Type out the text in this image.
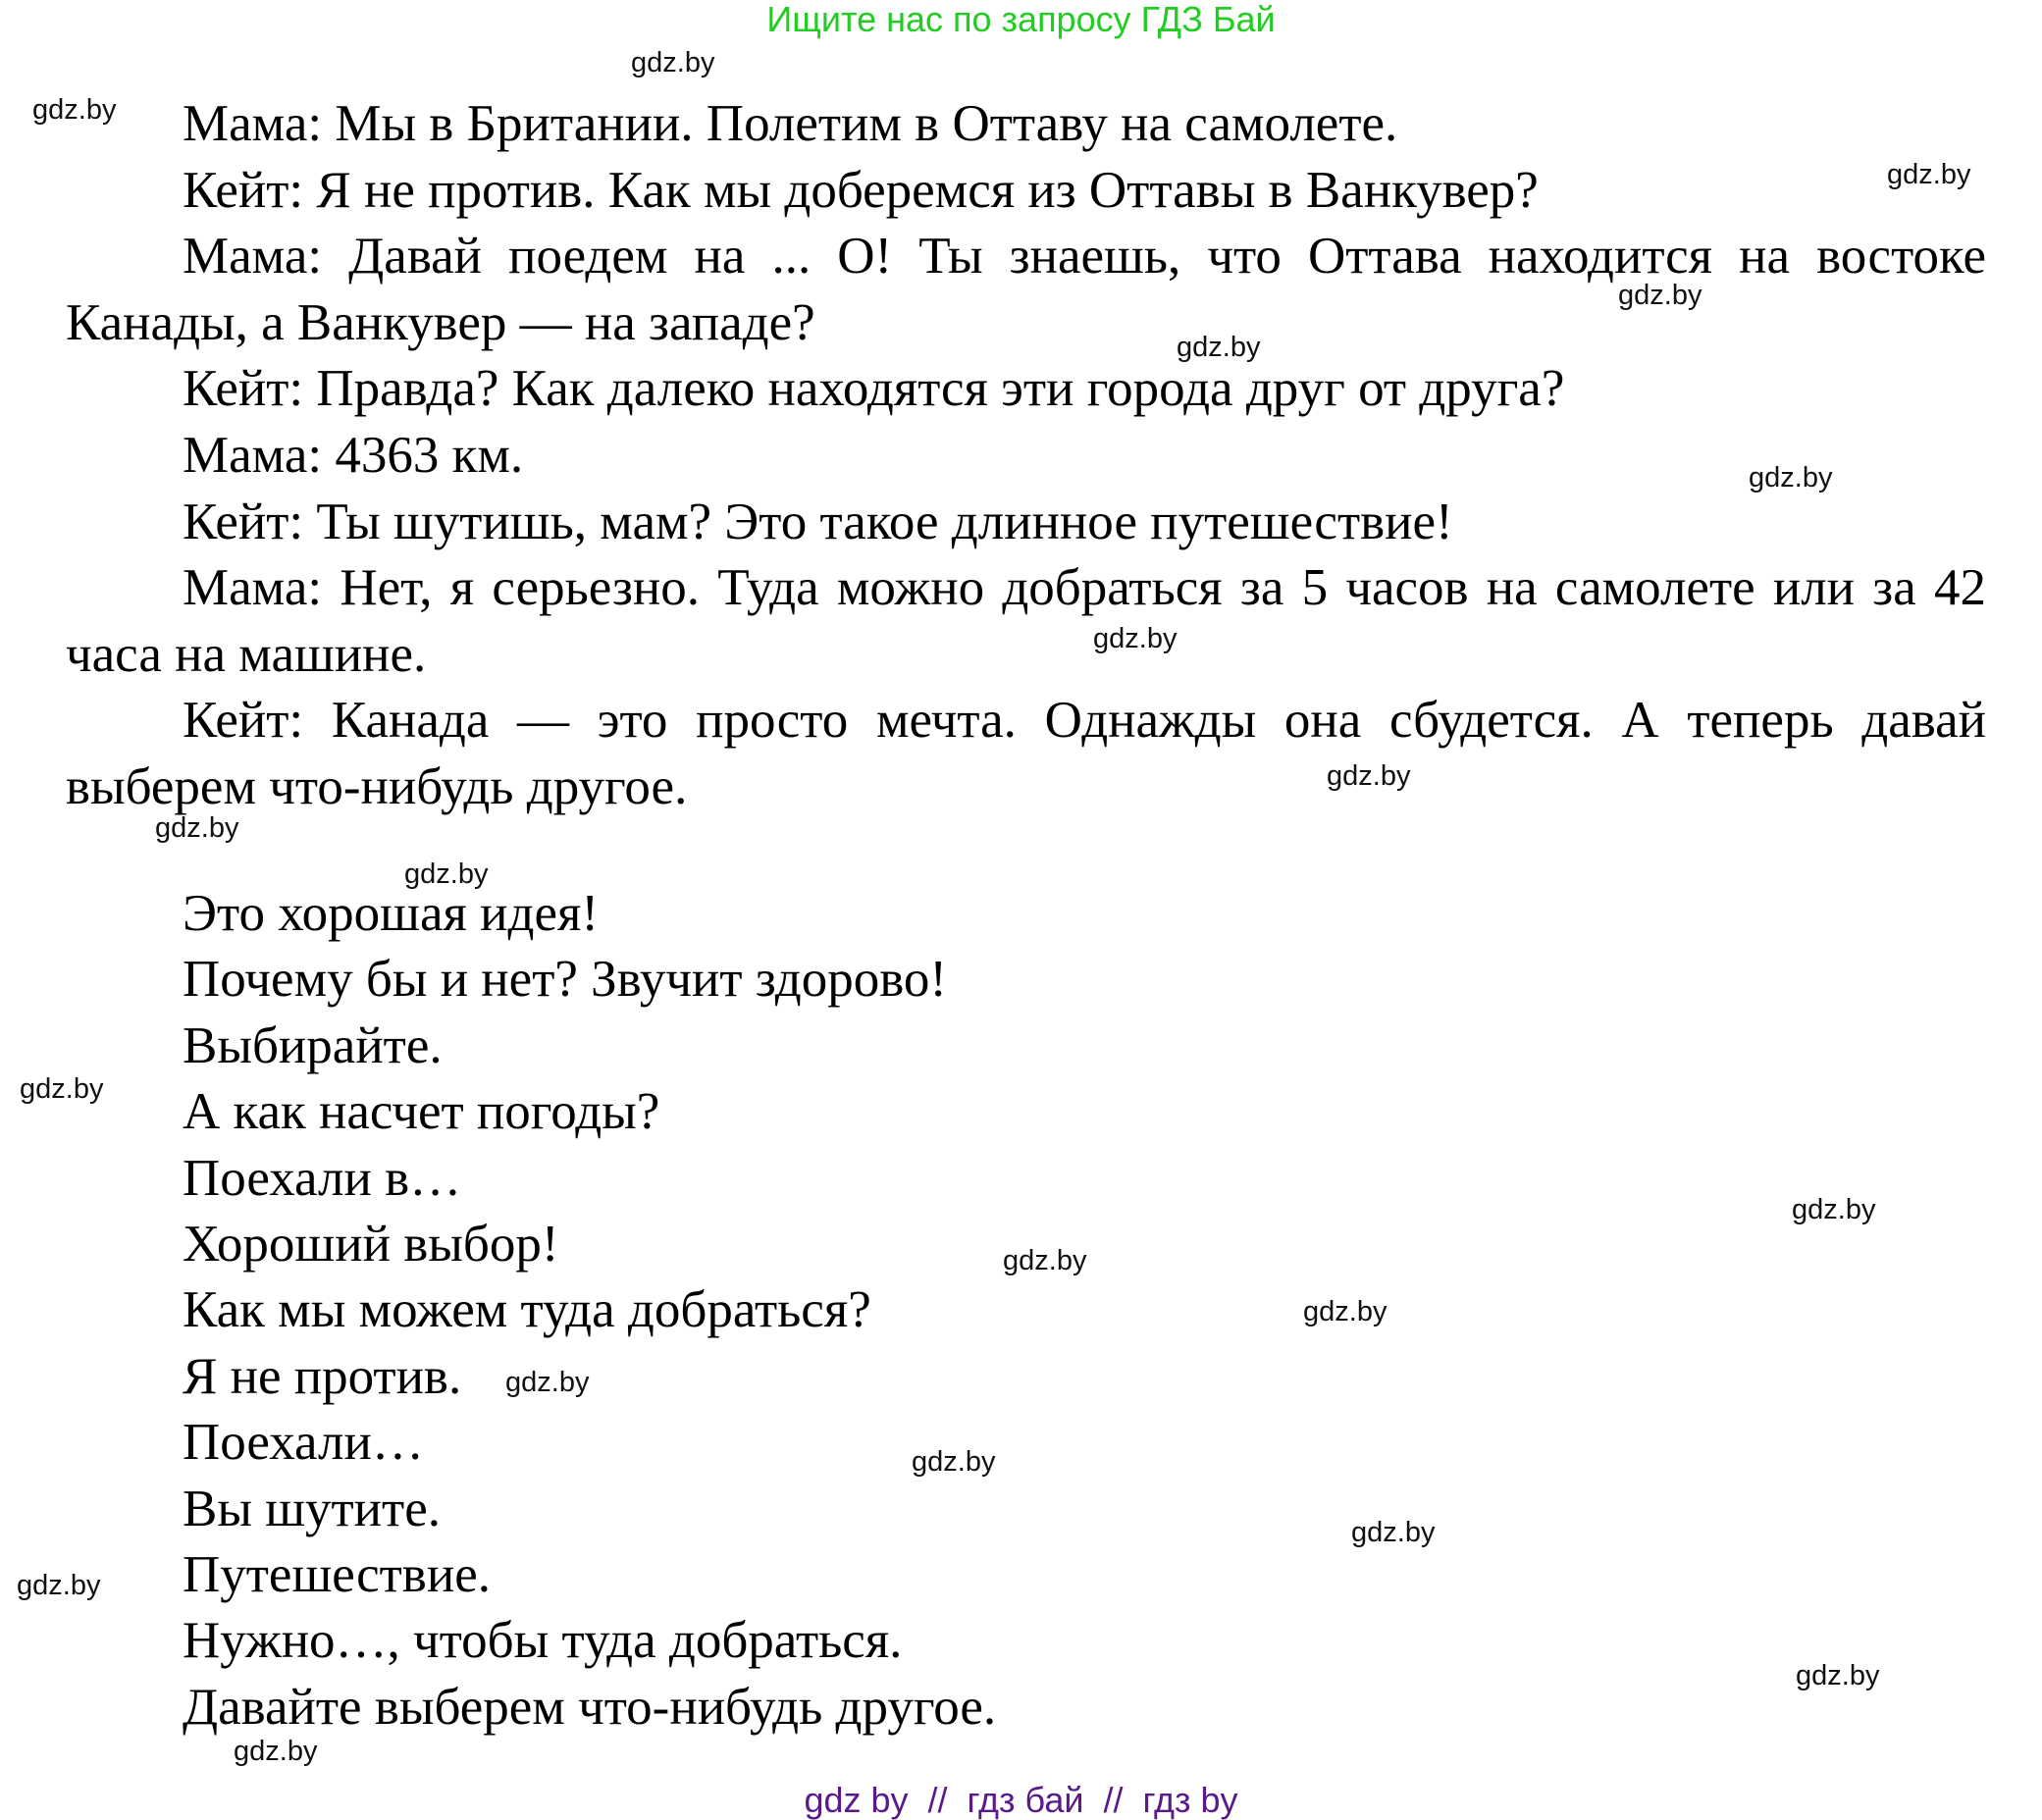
Ищите нас по запросу ГДЗ Бай

Мама: Мы в Британии. Полетим в Оттаву на самолете.

Кейт: Я не против. Как мы доберемся из Оттавы в Ванкувер?

Мама: Давай поедем на ... О! Ты знаешь, что Оттава находится на востоке Канады, а Ванкувер — на западе?

Кейт: Правда? Как далеко находятся эти города друг от друга?

Мама: 4363 км.

Кейт: Ты шутишь, мам? Это такое длинное путешествие!

Мама: Нет, я серьезно. Туда можно добраться за 5 часов на самолете или за 42 часа на машине.

Кейт: Канада — это просто мечта. Однажды она сбудется. А теперь давай выберем что-нибудь другое.

Это хорошая идея!

Почему бы и нет? Звучит здорово!

Выбирайте.

А как насчет погоды?

Поехали в…

Хороший выбор!

Как мы можем туда добраться?

Я не против.

Поехали…

Вы шутите.

Путешествие.

Нужно…, чтобы туда добраться.

Давайте выберем что-нибудь другое.

gdz.by
gdz.by
gdz.by
gdz.by
gdz.by
gdz.by
gdz.by
gdz.by
gdz.by
gdz.by
gdz.by
gdz.by
gdz.by
gdz.by
gdz.by
gdz.by
gdz.by
gdz.by
gdz.by
gdz.by
gdz by  //  гдз бай  //  гдз by
